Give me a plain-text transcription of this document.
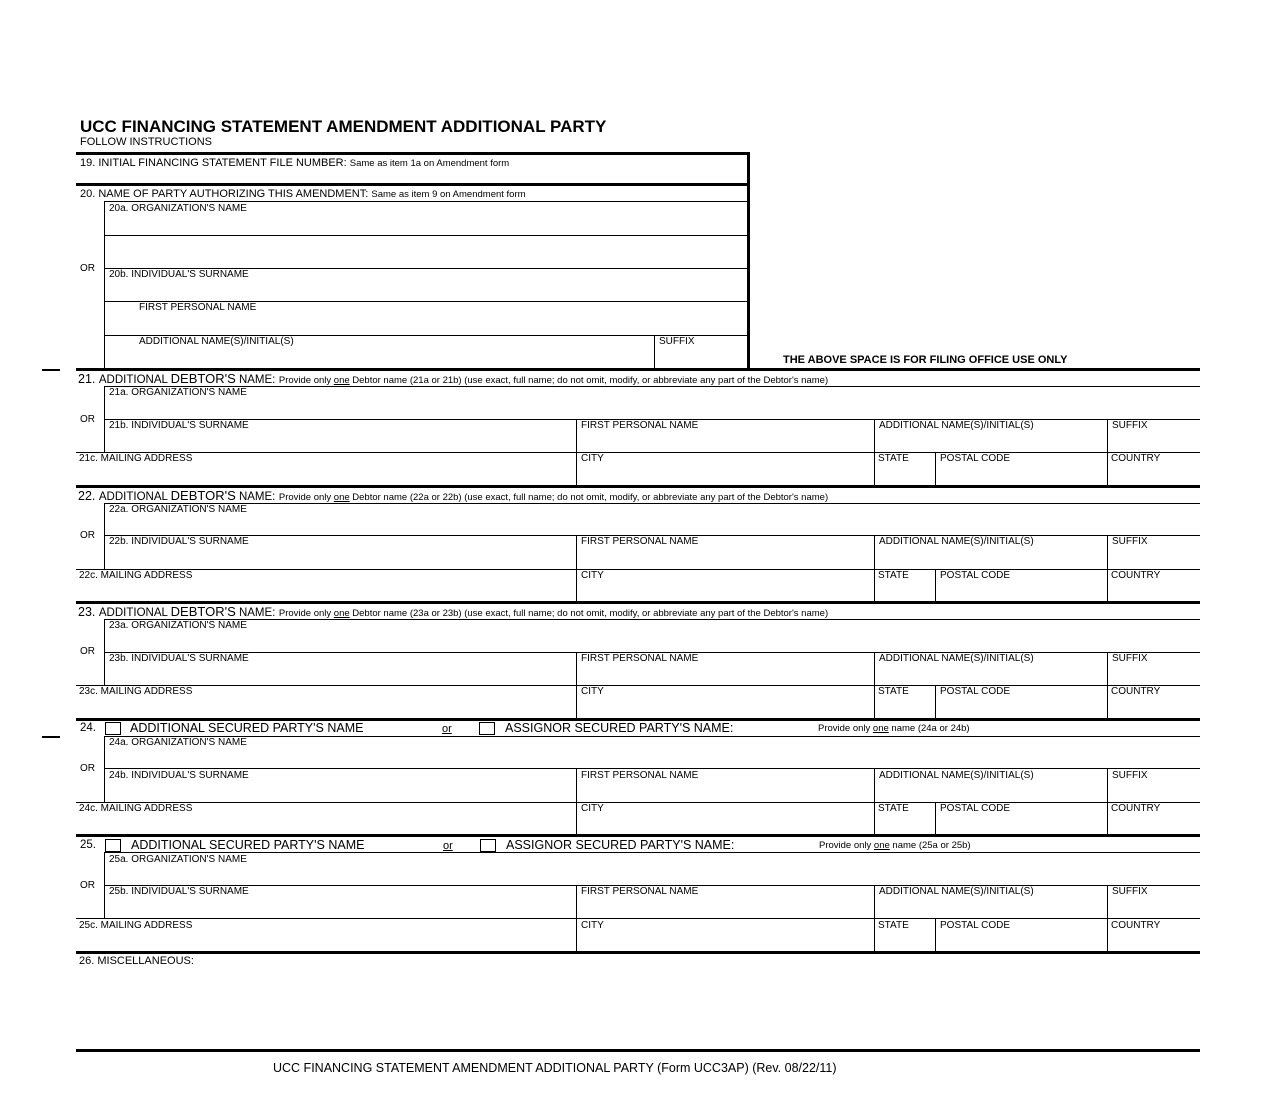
UCC FINANCING STATEMENT AMENDMENT ADDITIONAL PARTY
FOLLOW INSTRUCTIONS
19. INITIAL FINANCING STATEMENT FILE NUMBER: Same as item 1a on Amendment form
20. NAME OF PARTY AUTHORIZING THIS AMENDMENT: Same as item 9 on Amendment form
20a. ORGANIZATION'S NAME
OR
20b. INDIVIDUAL'S SURNAME
FIRST PERSONAL NAME
ADDITIONAL NAME(S)/INITIAL(S)	SUFFIX
THE ABOVE SPACE IS FOR FILING OFFICE USE ONLY
21. ADDITIONAL DEBTOR'S NAME: Provide only one Debtor name (21a or 21b) (use exact, full name; do not omit, modify, or abbreviate any part of the Debtor's name)
21a. ORGANIZATION'S NAME
OR
21b. INDIVIDUAL'S SURNAME	FIRST PERSONAL NAME	ADDITIONAL NAME(S)/INITIAL(S)	SUFFIX
21c. MAILING ADDRESS	CITY	STATE	POSTAL CODE	COUNTRY
22. ADDITIONAL DEBTOR'S NAME: Provide only one Debtor name (22a or 22b) (use exact, full name; do not omit, modify, or abbreviate any part of the Debtor's name)
22a. ORGANIZATION'S NAME
OR
22b. INDIVIDUAL'S SURNAME	FIRST PERSONAL NAME	ADDITIONAL NAME(S)/INITIAL(S)	SUFFIX
22c. MAILING ADDRESS	CITY	STATE	POSTAL CODE	COUNTRY
23. ADDITIONAL DEBTOR'S NAME: Provide only one Debtor name (23a or 23b) (use exact, full name; do not omit, modify, or abbreviate any part of the Debtor's name)
23a. ORGANIZATION'S NAME
OR
23b. INDIVIDUAL'S SURNAME	FIRST PERSONAL NAME	ADDITIONAL NAME(S)/INITIAL(S)	SUFFIX
23c. MAILING ADDRESS	CITY	STATE	POSTAL CODE	COUNTRY
24.	ADDITIONAL SECURED PARTY'S NAME	or	ASSIGNOR SECURED PARTY'S NAME:	Provide only one name (24a or 24b)
24a. ORGANIZATION'S NAME
OR
24b. INDIVIDUAL'S SURNAME	FIRST PERSONAL NAME	ADDITIONAL NAME(S)/INITIAL(S)	SUFFIX
24c. MAILING ADDRESS	CITY	STATE	POSTAL CODE	COUNTRY
25.	ADDITIONAL SECURED PARTY'S NAME	or	ASSIGNOR SECURED PARTY'S NAME:	Provide only one name (25a or 25b)
25a. ORGANIZATION'S NAME
OR
25b. INDIVIDUAL'S SURNAME	FIRST PERSONAL NAME	ADDITIONAL NAME(S)/INITIAL(S)	SUFFIX
25c. MAILING ADDRESS	CITY	STATE	POSTAL CODE	COUNTRY
26. MISCELLANEOUS:
UCC FINANCING STATEMENT AMENDMENT ADDITIONAL PARTY (Form UCC3AP) (Rev. 08/22/11)
